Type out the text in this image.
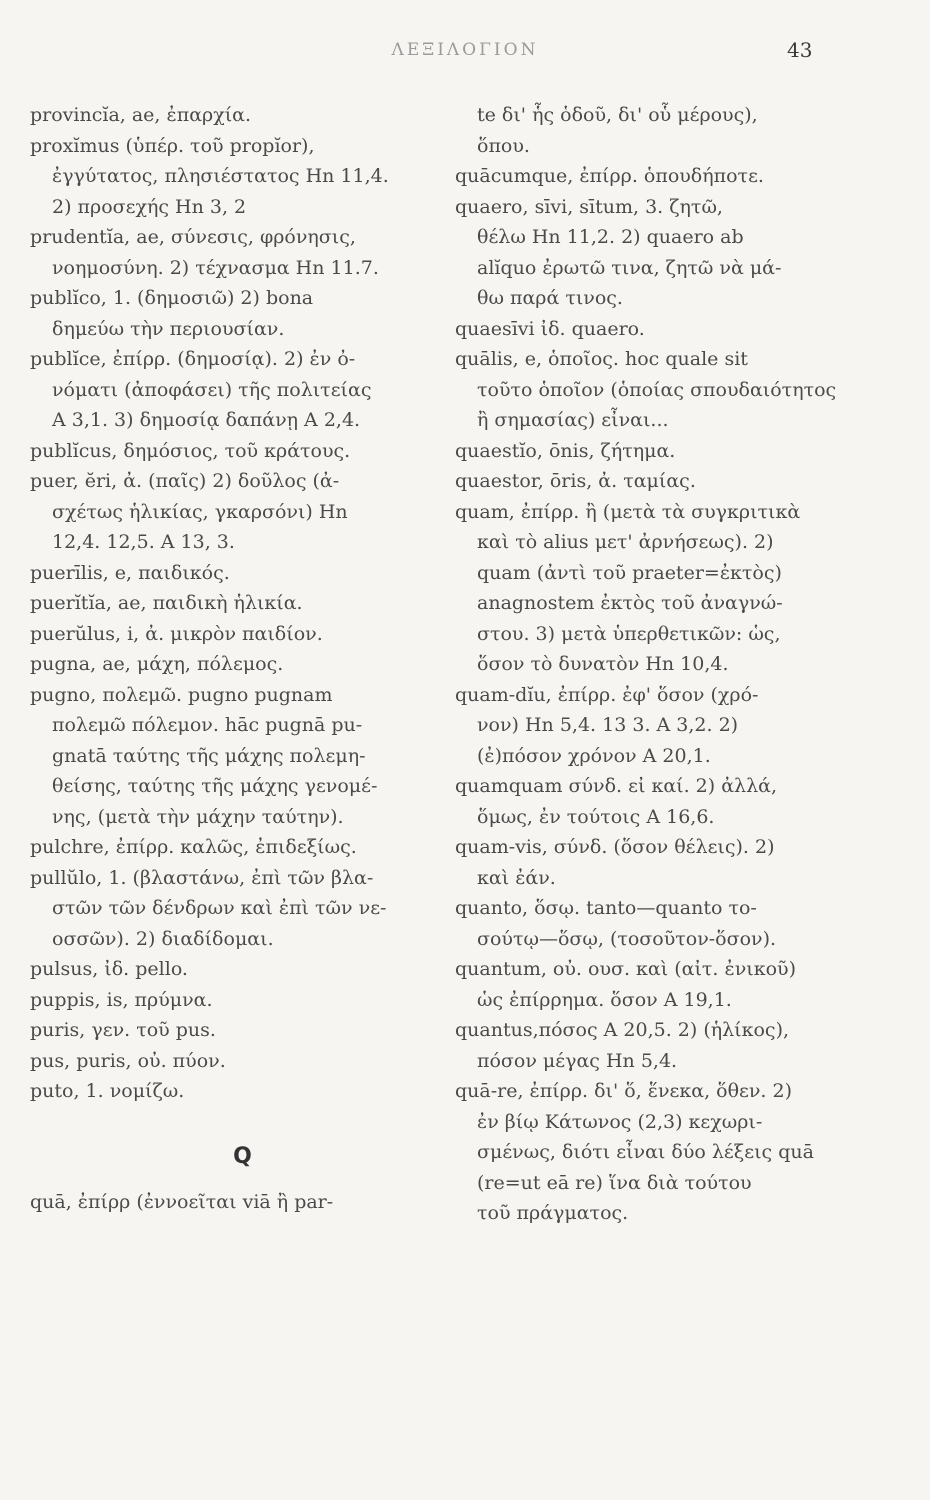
ΛΕΞΙΛΟΓΙΟΝ	43
provincĭa, ae, ἐπαρχία.
proxĭmus (ὑπέρ. τοῦ propĭor),
ἐγγύτατος, πλησιέστατος Hn 11,4.
2) προσεχής Hn 3, 2
prudentĭa, ae, σύνεσις, φρόνησις,
νοημοσύνη. 2) τέχνασμα Hn 11.7.
publĭco, 1. (δημοσιῶ) 2) bona
δημεύω τὴν περιουσίαν.
publĭce, ἐπίρρ. (δημοσίᾳ). 2) ἐν ὀ-
νόματι (ἀποφάσει) τῆς πολιτείας
A 3,1. 3) δημοσίᾳ δαπάνῃ A 2,4.
publĭcus, δημόσιος, τοῦ κράτους.
puer, ĕri, ἀ. (παῖς) 2) δοῦλος (ἀ-
σχέτως ἡλικίας, γκαρσόνι) Hn
12,4. 12,5. A 13, 3.
puerīlis, e, παιδικός.
puerĭtĭa, ae, παιδικὴ ἡλικία.
puerŭlus, i, ἀ. μικρὸν παιδίον.
pugna, ae, μάχη, πόλεμος.
pugno, πολεμῶ. pugno pugnam
πολεμῶ πόλεμον. hāc pugnā pu-
gnatā ταύτης τῆς μάχης πολεμη-
θείσης, ταύτης τῆς μάχης γενομέ-
νης, (μετὰ τὴν μάχην ταύτην).
pulchre, ἐπίρρ. καλῶς, ἐπιδεξίως.
pullŭlo, 1. (βλαστάνω, ἐπὶ τῶν βλα-
στῶν τῶν δένδρων καὶ ἐπὶ τῶν νε-
οσσῶν). 2) διαδίδομαι.
pulsus, ἰδ. pello.
puppis, is, πρύμνα.
puris, γεν. τοῦ pus.
pus, puris, οὐ. πύον.
puto, 1. νομίζω.
Q
quā, ἐπίρρ (ἐννοεῖται viā ἢ par-
te δι' ἧς ὁδοῦ, δι' οὗ μέρους),
ὅπου.
quācumque, ἐπίρρ. ὁπουδήποτε.
quaero, sīvi, sītum, 3. ζητῶ,
θέλω Hn 11,2. 2) quaero ab
alĭquo ἐρωτῶ τινα, ζητῶ νὰ μά-
θω παρά τινος.
quaesīvi ἰδ. quaero.
quālis, e, ὁποῖος. hoc quale sit
τοῦτο ὁποῖον (ὁποίας σπουδαιότητος
ἢ σημασίας) εἶναι...
quaestĭo, ōnis, ζήτημα.
quaestor, ōris, ἀ. ταμίας.
quam, ἐπίρρ. ἢ (μετὰ τὰ συγκριτικὰ
καὶ τὸ alius μετ' ἀρνήσεως). 2)
quam (ἀντὶ τοῦ praeter=ἐκτὸς)
anagnostem ἐκτὸς τοῦ ἀναγνώ-
στου. 3) μετὰ ὑπερθετικῶν: ὡς,
ὅσον τὸ δυνατὸν Hn 10,4.
quam-dĭu, ἐπίρρ. ἐφ' ὅσον (χρό-
νον) Hn 5,4. 13 3. A 3,2. 2)
(ἐ)πόσον χρόνον A 20,1.
quamquam σύνδ. εἰ καί. 2) ἀλλά,
ὅμως, ἐν τούτοις A 16,6.
quam-vis, σύνδ. (ὅσον θέλεις). 2)
καὶ ἐάν.
quanto, ὅσῳ. tanto—quanto το-
σούτῳ—ὅσῳ, (τοσοῦτον-ὅσον).
quantum, οὐ. ουσ. καὶ (αἰτ. ἐνικοῦ)
ὡς ἐπίρρημα. ὅσον A 19,1.
quantus,πόσος A 20,5. 2) (ἡλίκος),
πόσον μέγας Hn 5,4.
quā-re, ἐπίρρ. δι' ὅ, ἕνεκα, ὅθεν. 2)
ἐν βίῳ Κάτωνος (2,3) κεχωρι-
σμένως, διότι εἶναι δύο λέξεις quā
(re=ut eā re) ἵνα διὰ τούτου
τοῦ πράγματος.
